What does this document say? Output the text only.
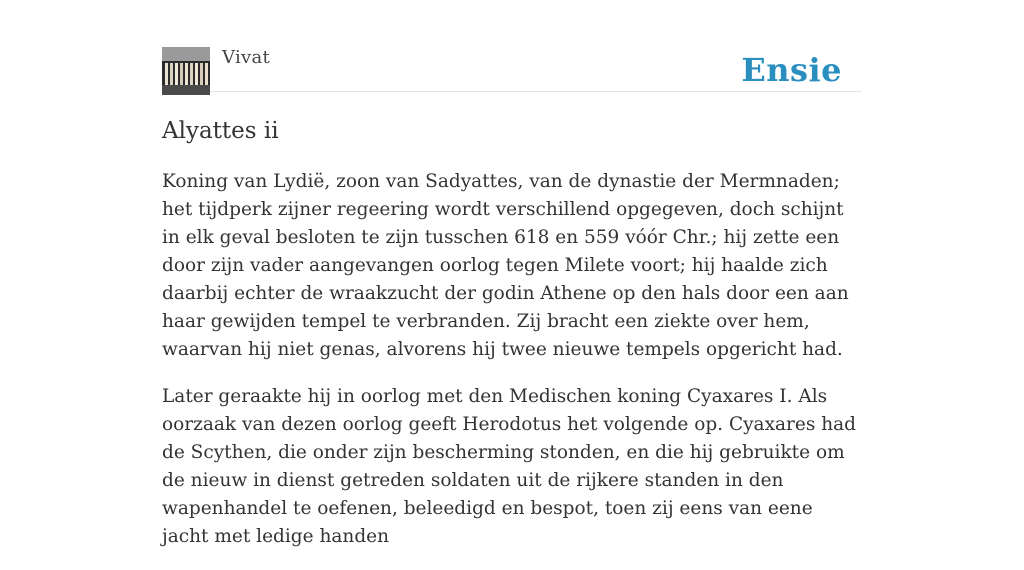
Vivat	Ensie
Alyattes ii

Koning van Lydië, zoon van Sadyattes, van de dynastie der Mermnaden; het tijdperk zijner regeering wordt verschillend opgegeven, doch schijnt in elk geval besloten te zijn tusschen 618 en 559 vóór Chr.; hij zette een door zijn vader aangevangen oorlog tegen Milete voort; hij haalde zich daarbij echter de wraakzucht der godin Athene op den hals door een aan haar gewijden tempel te verbranden. Zij bracht een ziekte over hem, waarvan hij niet genas, alvorens hij twee nieuwe tempels opgericht had.

Later geraakte hij in oorlog met den Medischen koning Cyaxares I. Als oorzaak van dezen oorlog geeft Herodotus het volgende op. Cyaxares had de Scythen, die onder zijn bescherming stonden, en die hij gebruikte om de nieuw in dienst getreden soldaten uit de rijkere standen in den wapenhandel te oefenen, beleedigd en bespot, toen zij eens van eene jacht met ledige handen
